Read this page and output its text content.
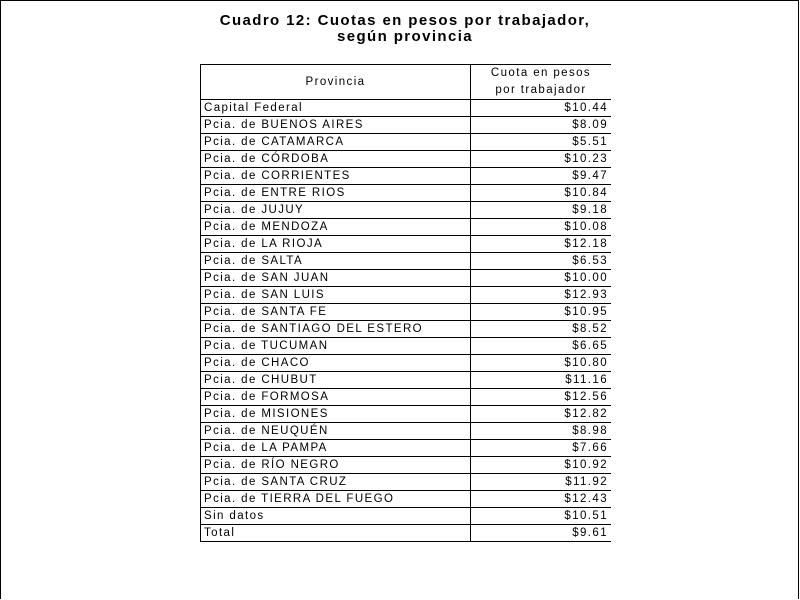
Cuadro 12: Cuotas en pesos por trabajador,
según provincia
Provincia	Cuota en pesos
por trabajador

Capital Federal	$10.44
Pcia. de BUENOS AIRES	$8.09
Pcia. de CATAMARCA	$5.51
Pcia. de CÓRDOBA	$10.23
Pcia. de CORRIENTES	$9.47
Pcia. de ENTRE RIOS	$10.84
Pcia. de JUJUY	$9.18
Pcia. de MENDOZA	$10.08
Pcia. de LA RIOJA	$12.18
Pcia. de SALTA	$6.53
Pcia. de SAN JUAN	$10.00
Pcia. de SAN LUIS	$12.93
Pcia. de SANTA FE	$10.95
Pcia. de SANTIAGO DEL ESTERO	$8.52
Pcia. de TUCUMAN	$6.65
Pcia. de CHACO	$10.80
Pcia. de CHUBUT	$11.16
Pcia. de FORMOSA	$12.56
Pcia. de MISIONES	$12.82
Pcia. de NEUQUÉN	$8.98
Pcia. de LA PAMPA	$7.66
Pcia. de RÍO NEGRO	$10.92
Pcia. de SANTA CRUZ	$11.92
Pcia. de TIERRA DEL FUEGO	$12.43
Sin datos	$10.51
Total	$9.61
